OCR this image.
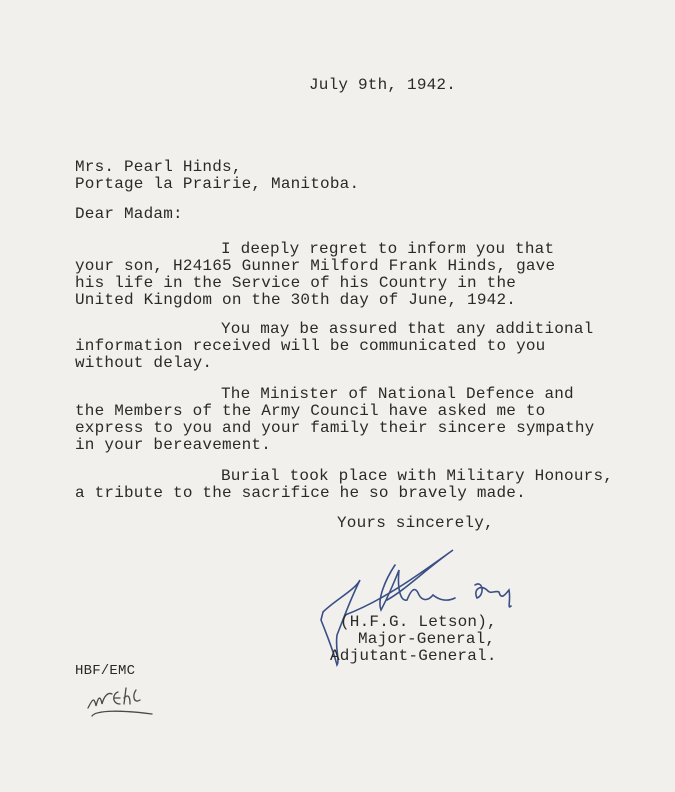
July 9th, 1942.
Mrs. Pearl Hinds,
Portage la Prairie, Manitoba.
Dear Madam:
I deeply regret to inform you that
your son, H24165 Gunner Milford Frank Hinds, gave
his life in the Service of his Country in the
United Kingdom on the 30th day of June, 1942.
You may be assured that any additional
information received will be communicated to you
without delay.
The Minister of National Defence and
the Members of the Army Council have asked me to
express to you and your family their sincere sympathy
in your bereavement.
Burial took place with Military Honours,
a tribute to the sacrifice he so bravely made.
Yours sincerely,
(H.F.G. Letson),
Major-General,
Adjutant-General.
HBF/EMC
